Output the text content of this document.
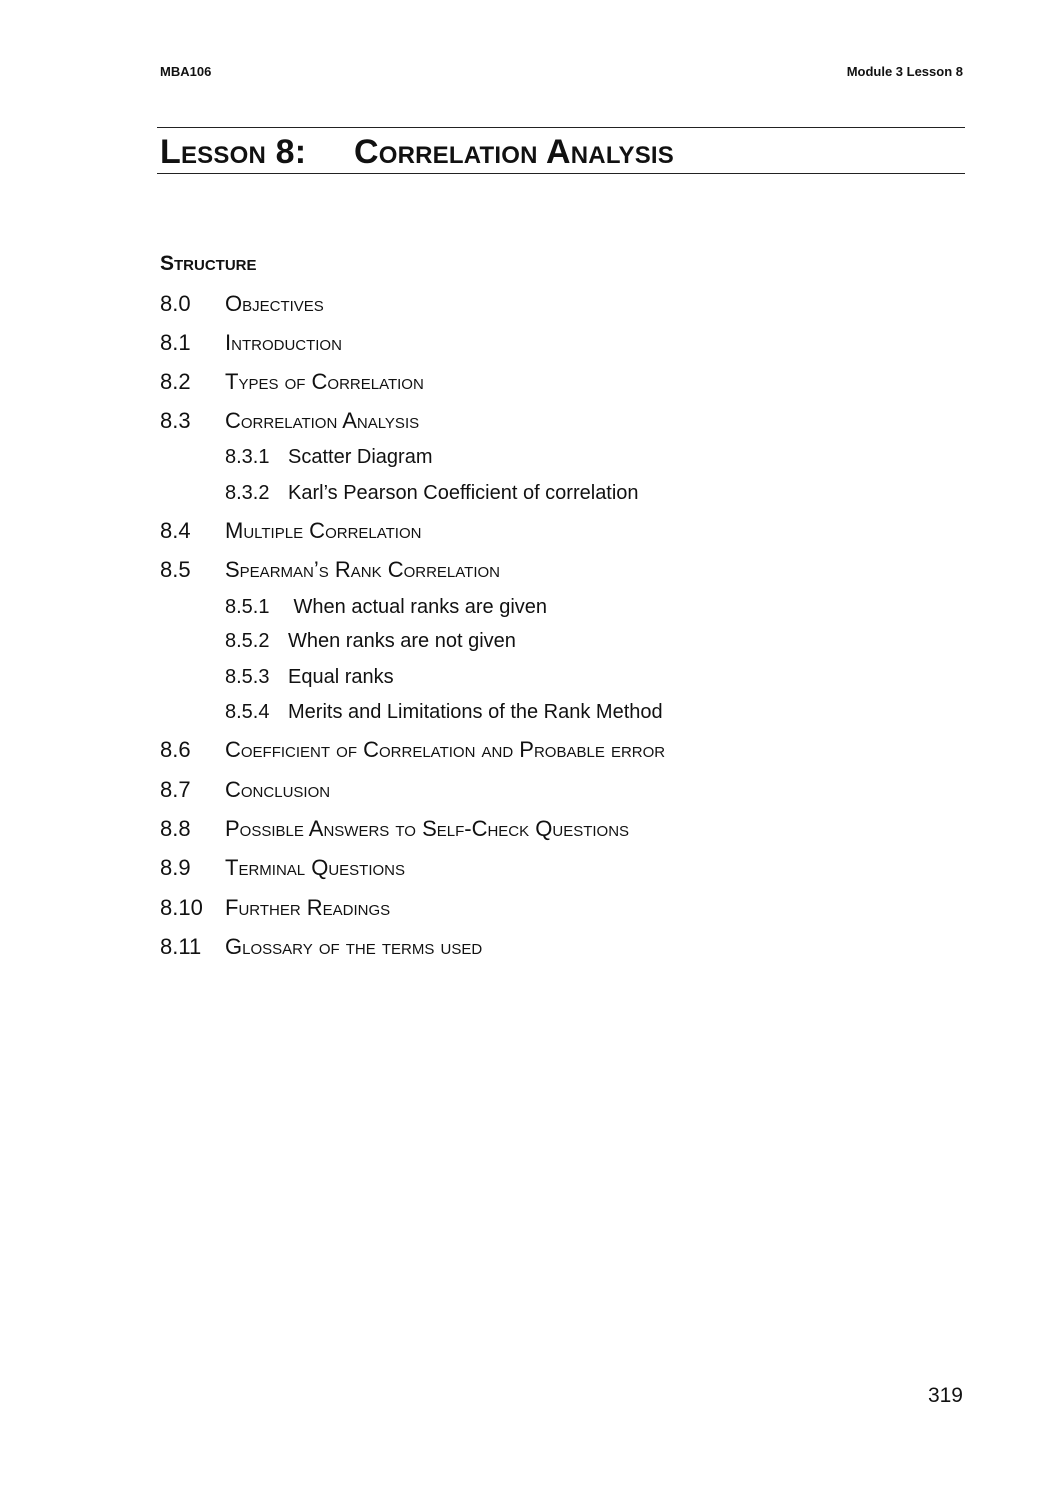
MBA106	Module 3 Lesson 8
Lesson 8: Correlation Analysis
Structure
8.0 Objectives
8.1 Introduction
8.2 Types of Correlation
8.3 Correlation Analysis
8.3.1 Scatter Diagram
8.3.2 Karl’s Pearson Coefficient of correlation
8.4 Multiple Correlation
8.5 Spearman’s Rank Correlation
8.5.1 When actual ranks are given
8.5.2 When ranks are not given
8.5.3 Equal ranks
8.5.4 Merits and Limitations of the Rank Method
8.6 Coefficient of Correlation and Probable error
8.7 Conclusion
8.8 Possible Answers to Self-Check Questions
8.9 Terminal Questions
8.10 Further Readings
8.11 Glossary of the terms used
319
